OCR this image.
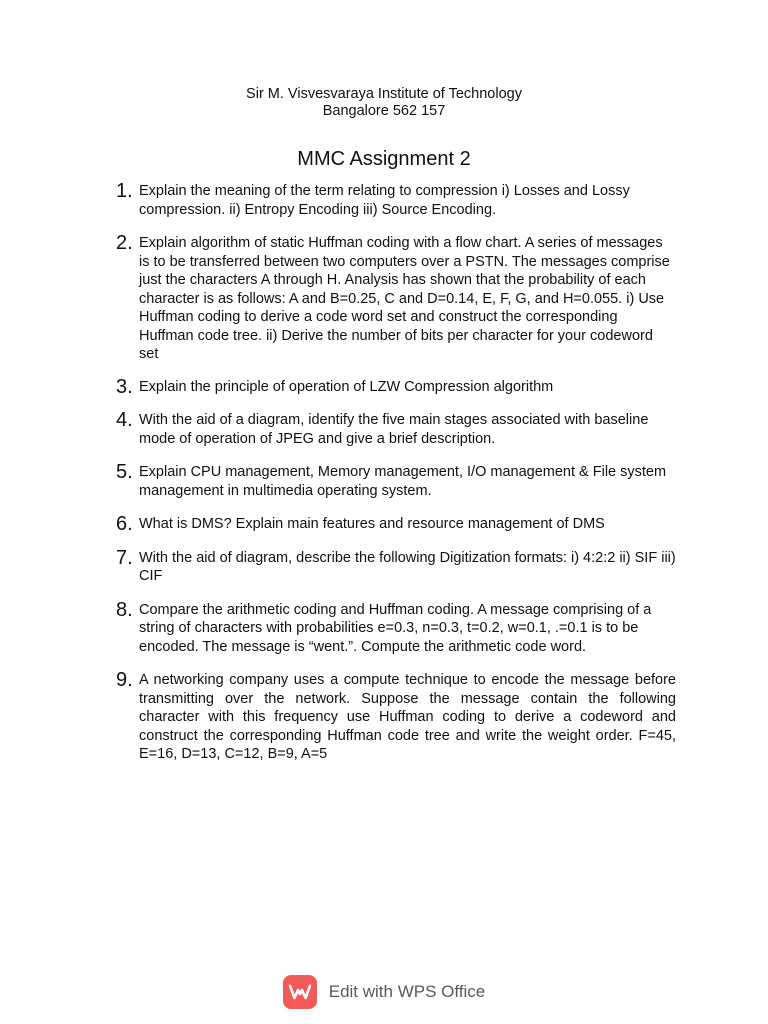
Sir M. Visvesvaraya Institute of Technology

Bangalore 562 157

MMC Assignment 2
1. Explain the meaning of the term relating to compression i) Losses and Lossy compression. ii) Entropy Encoding iii) Source Encoding.
2. Explain algorithm of static Huffman coding with a flow chart. A series of messages is to be transferred between two computers over a PSTN. The messages comprise just the characters A through H. Analysis has shown that the probability of each character is as follows: A and B=0.25, C and D=0.14, E, F, G, and H=0.055. i) Use Huffman coding to derive a code word set and construct the corresponding Huffman code tree. ii) Derive the number of bits per character for your codeword set
3. Explain the principle of operation of LZW Compression algorithm
4. With the aid of a diagram, identify the five main stages associated with baseline mode of operation of JPEG and give a brief description.
5. Explain CPU management, Memory management, I/O management & File system management in multimedia operating system.
6. What is DMS? Explain main features and resource management of DMS
7. With the aid of diagram, describe the following Digitization formats: i) 4:2:2 ii) SIF iii) CIF
8. Compare the arithmetic coding and Huffman coding. A message comprising of a string of characters with probabilities e=0.3, n=0.3, t=0.2, w=0.1, .=0.1 is to be encoded. The message is “went.”. Compute the arithmetic code word.
9. A networking company uses a compute technique to encode the message before transmitting over the network. Suppose the message contain the following character with this frequency use Huffman coding to derive a codeword and construct the corresponding Huffman code tree and write the weight order. F=45, E=16, D=13, C=12, B=9, A=5
Edit with WPS Office
